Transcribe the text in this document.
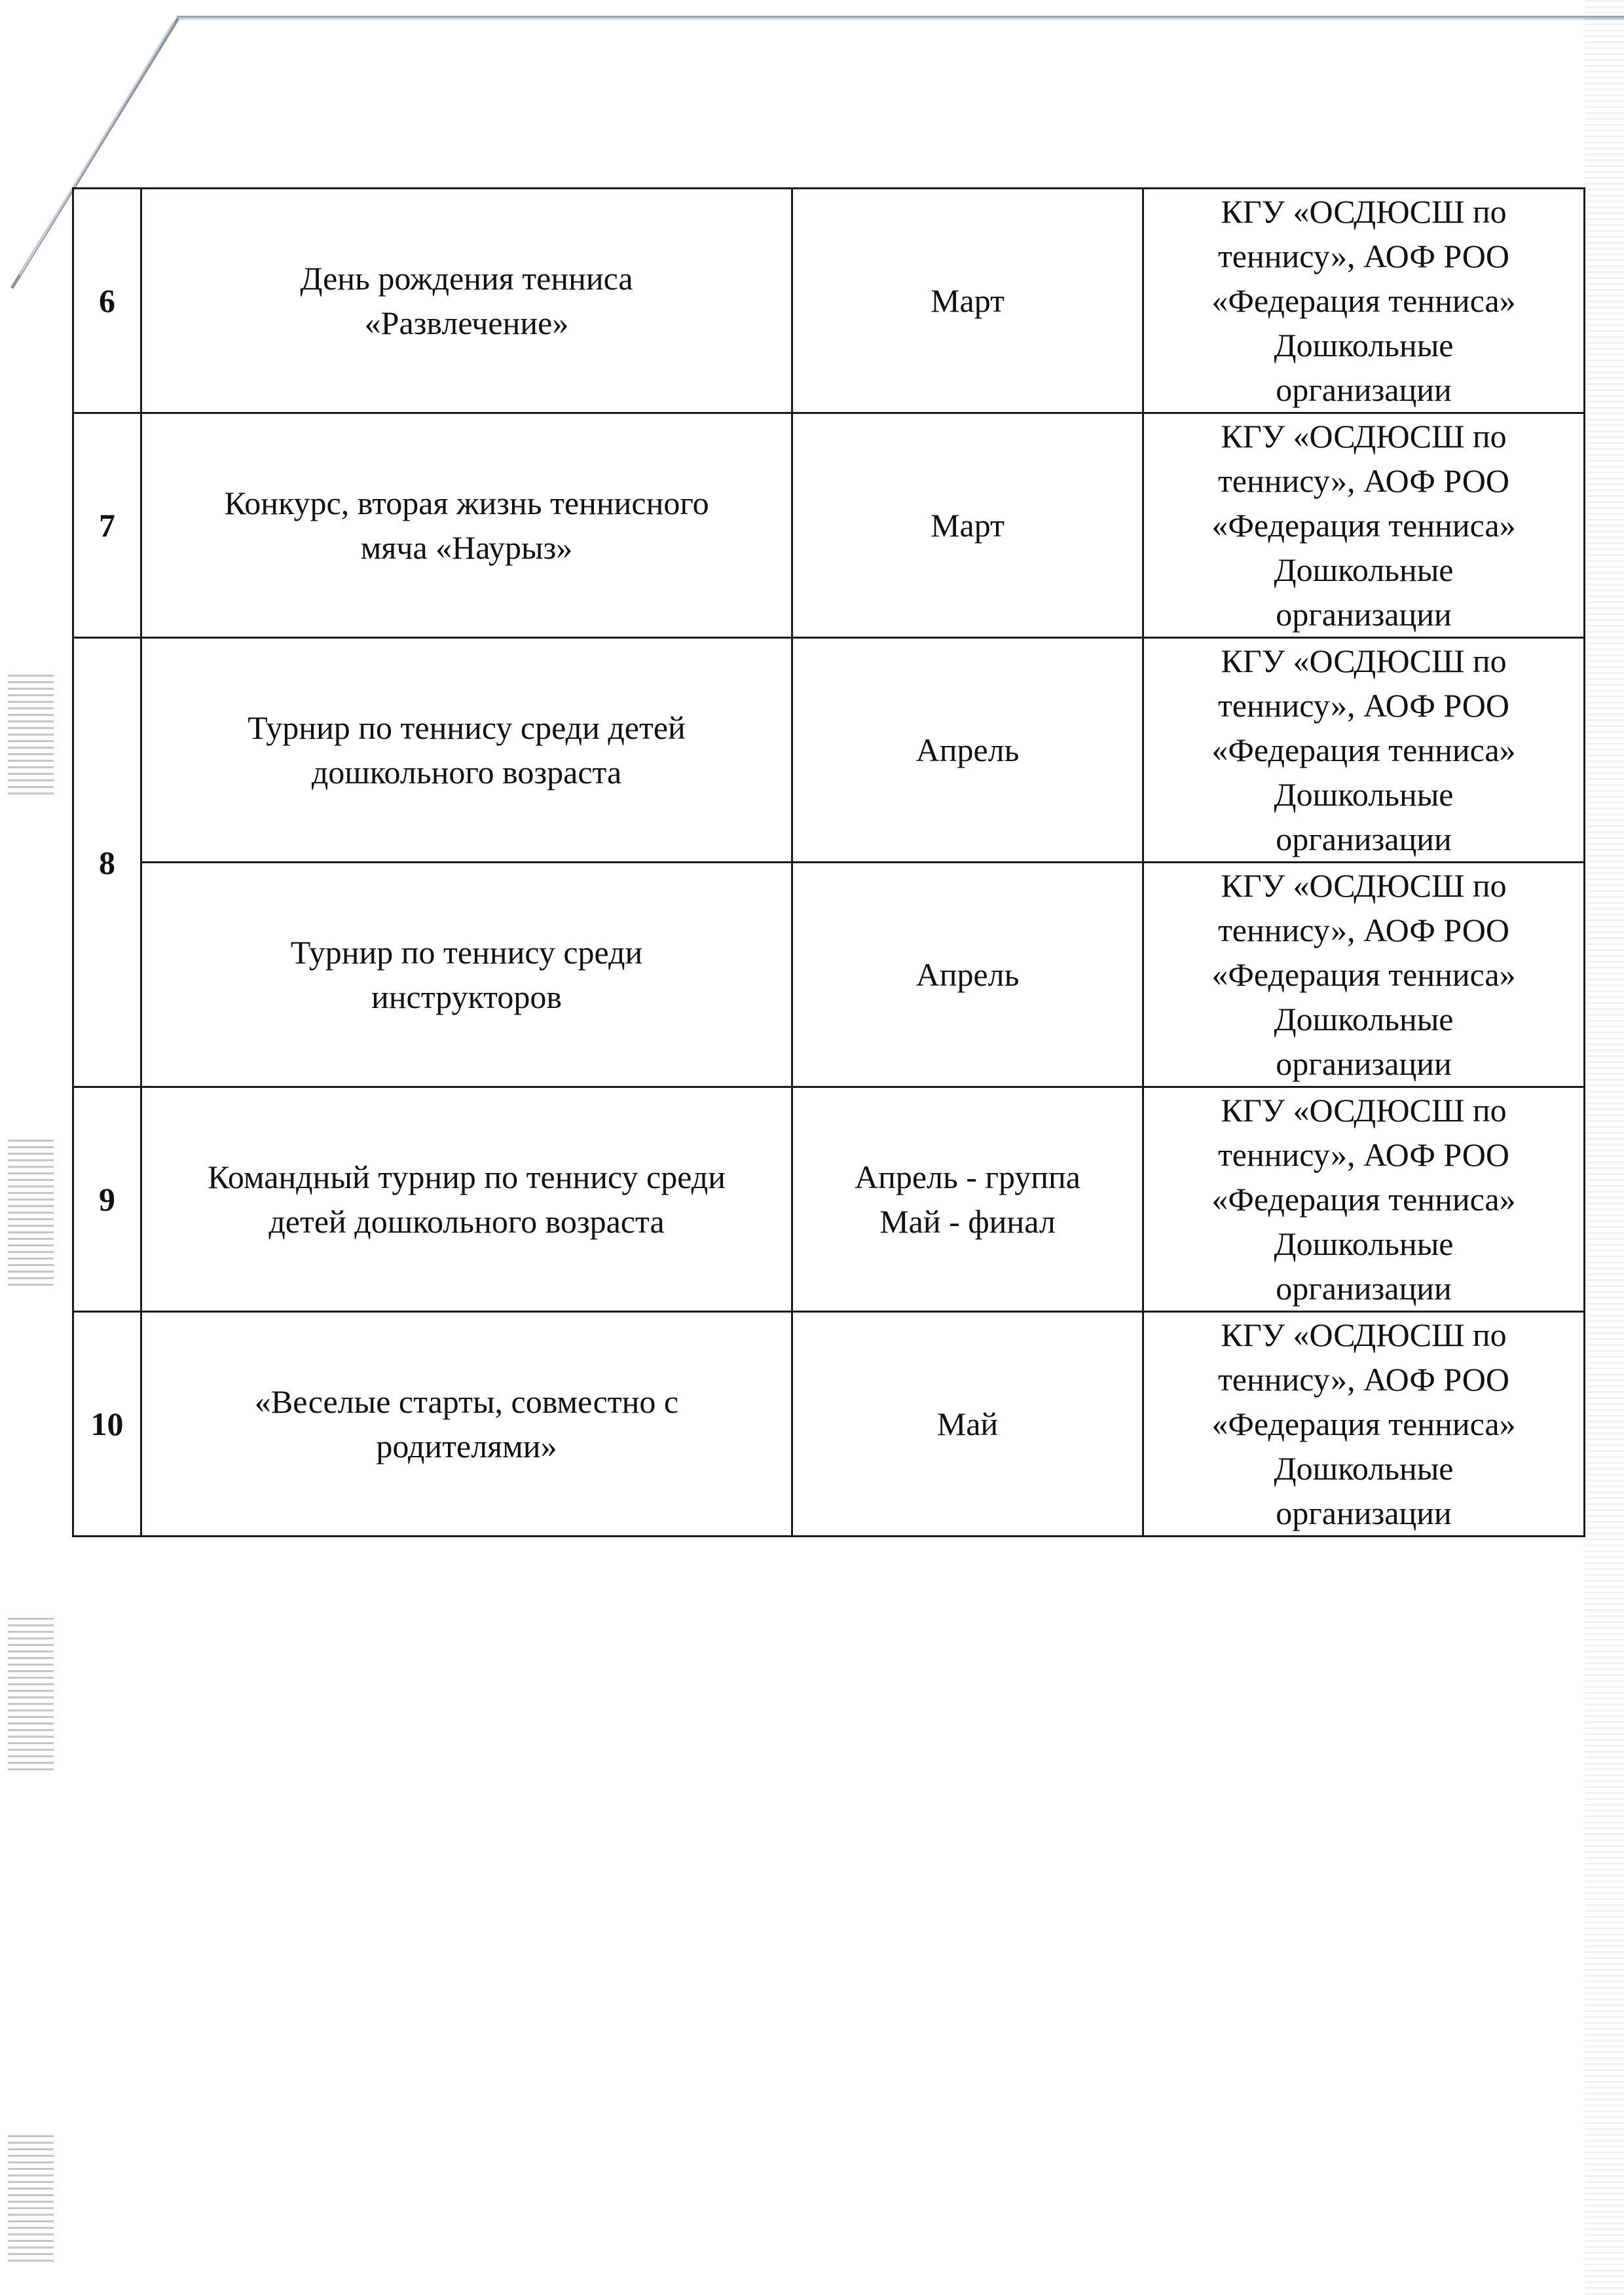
6	День рождения тенниса
«Развлечение»	Март	КГУ «ОСДЮСШ по
теннису», АОФ РОО
«Федерация тенниса»
Дошкольные
организации

7	Конкурс, вторая жизнь теннисного
мяча «Наурыз»	Март	КГУ «ОСДЮСШ по
теннису», АОФ РОО
«Федерация тенниса»
Дошкольные
организации

8	Турнир по теннису среди детей
дошкольного возраста	Апрель	КГУ «ОСДЮСШ по
теннису», АОФ РОО
«Федерация тенниса»
Дошкольные
организации

	Турнир по теннису среди
инструкторов	Апрель	КГУ «ОСДЮСШ по
теннису», АОФ РОО
«Федерация тенниса»
Дошкольные
организации

9	Командный турнир по теннису среди
детей дошкольного возраста	Апрель - группа
Май - финал	КГУ «ОСДЮСШ по
теннису», АОФ РОО
«Федерация тенниса»
Дошкольные
организации

10	«Веселые старты, совместно с
родителями»	Май	КГУ «ОСДЮСШ по
теннису», АОФ РОО
«Федерация тенниса»
Дошкольные
организации
